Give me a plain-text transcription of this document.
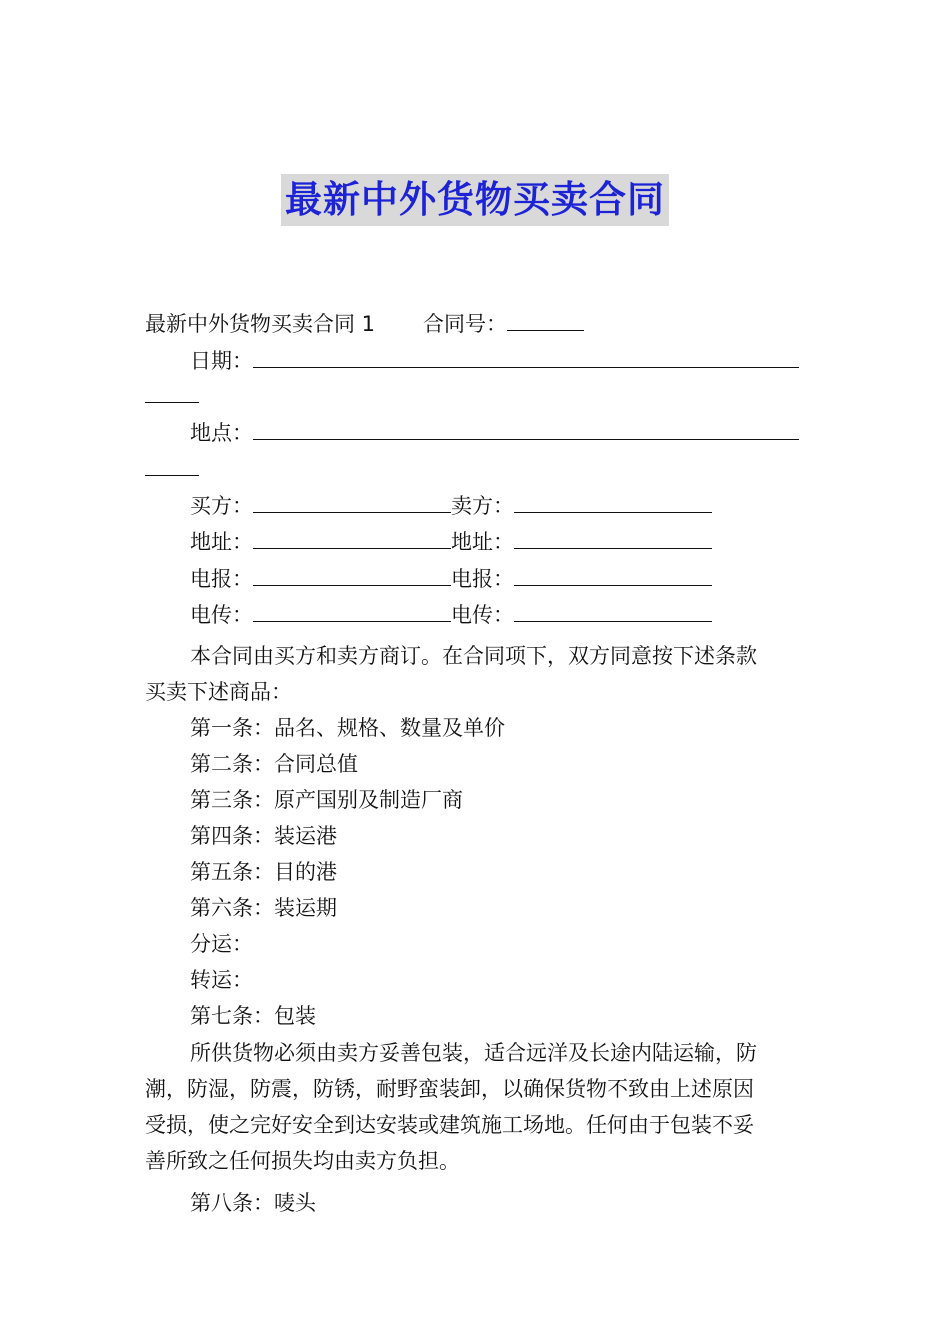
最新中外货物买卖合同
最新中外货物买卖合同 1 合同号：
日期：
地点：
买方：	卖方：
地址：	地址：
电报：	电报：
电传：	电传：
本合同由买方和卖方商订。在合同项下，双方同意按下述条款
买卖下述商品：
第一条：品名、规格、数量及单价
第二条：合同总值
第三条：原产国别及制造厂商
第四条：装运港
第五条：目的港
第六条：装运期
分运：
转运：
第七条：包装
所供货物必须由卖方妥善包装，适合远洋及长途内陆运输，防
潮，防湿，防震，防锈，耐野蛮装卸，以确保货物不致由上述原因
受损，使之完好安全到达安装或建筑施工场地。任何由于包装不妥
善所致之任何损失均由卖方负担。
第八条：唛头
